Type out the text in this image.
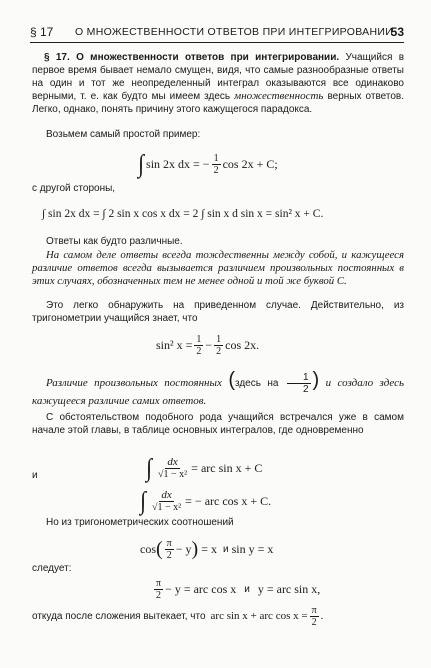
§ 17 О МНОЖЕСТВЕННОСТИ ОТВЕТОВ ПРИ ИНТЕГРИРОВАНИИ
53
§ 17. О множественности ответов при интегрировании. Учащийся в первое время бывает немало смущен, видя, что самые разнообразные ответы на один и тот же неопределенный интеграл оказываются все одинаково верными, т. е. как будто мы имеем здесь множественность верных ответов. Легко, однако, понять причину этого кажущегося парадокса.
Возьмем самый простой пример:
∫ sin 2x dx = − $\frac{1}{2}$ cos 2x + C;
с другой стороны,
∫ sin 2x dx = ∫ 2 sin x cos x dx = 2 ∫ sin x d sin x = sin² x + C.
Ответы как будто различные.
На самом деле ответы всегда тождественны между собой, и кажущееся различие ответов всегда вызывается различием произвольных постоянных в этих случаях, обозначенных тем не менее одной и той же буквой C.
Это легко обнаружить на приведенном случае. Действительно, из тригонометрии учащийся знает, что
sin² $x = \frac{1}{2} - \frac{1}{2}$ cos 2x.
Различие произвольных постоянных (здесь на $\frac{1}{2}$ ) и создало здесь кажущееся различие самих ответов.
С обстоятельством подобного рода учащийся встречался уже в самом начале этой главы, в таблице основных интегралов, где одновременно
∫ $\frac{dx}{\text{√1 − x²}}$ = arc sin x + C
и
∫ $\frac{dx}{\text{√1 − x²}}$ = − arc cos x + C.
Но из тригонометрических соотношений
cos ( $\frac{\pi}{2} - y$ ) = x и sin y = x
следует:
$\frac{\pi}{2} - y$ = arc cos x и y = arc sin x,
откуда после сложения вытекает, что arc sin x + arc $\cos x = \frac{\pi}{2}$ .
